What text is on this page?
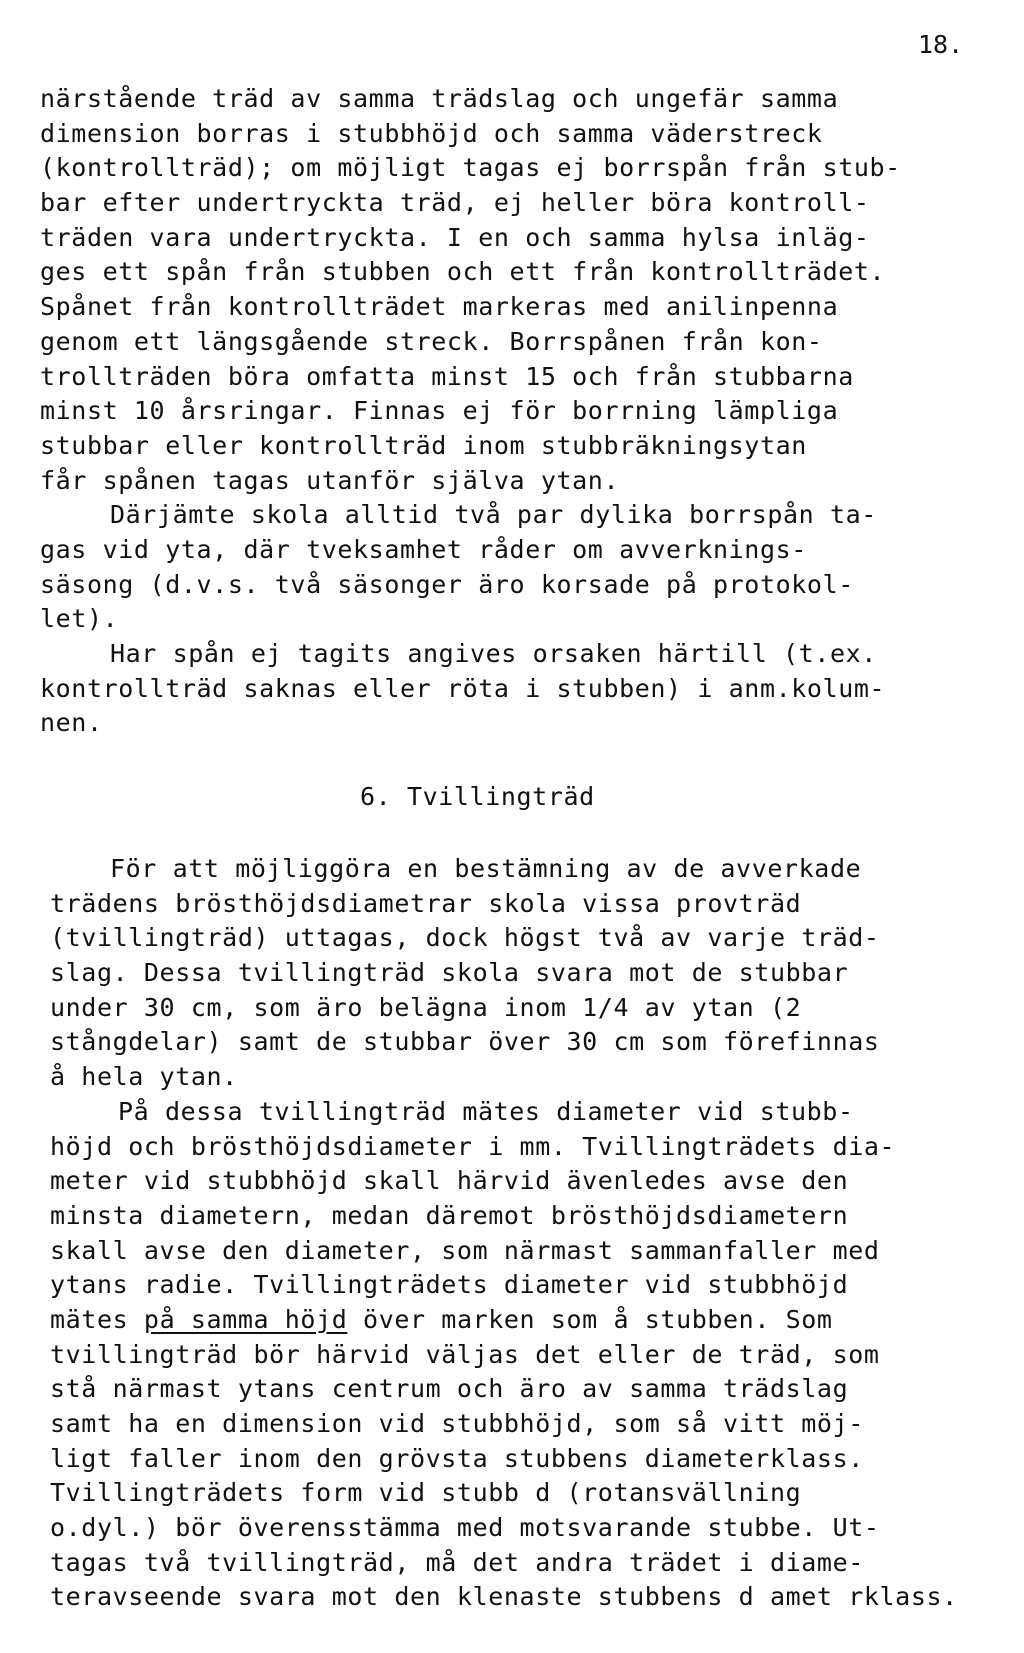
18.
närstående träd av samma trädslag och ungefär samma
dimension borras i stubbhöjd och samma väderstreck
(kontrollträd); om möjligt tagas ej borrspån från stub-
bar efter undertryckta träd, ej heller böra kontroll-
träden vara undertryckta. I en och samma hylsa inläg-
ges ett spån från stubben och ett från kontrollträdet.
Spånet från kontrollträdet markeras med anilinpenna
genom ett längsgående streck. Borrspånen från kon-
trollträden böra omfatta minst 15 och från stubbarna
minst 10 årsringar. Finnas ej för borrning lämpliga
stubbar eller kontrollträd inom stubbräkningsytan
får spånen tagas utanför själva ytan.
Därjämte skola alltid två par dylika borrspån ta-
gas vid yta, där tveksamhet råder om avverknings-
säsong (d.v.s. två säsonger äro korsade på protokol-
let).
Har spån ej tagits angives orsaken härtill (t.ex.
kontrollträd saknas eller röta i stubben) i anm.kolum-
nen.
6. Tvillingträd
För att möjliggöra en bestämning av de avverkade
trädens brösthöjdsdiametrar skola vissa provträd
(tvillingträd) uttagas, dock högst två av varje träd-
slag. Dessa tvillingträd skola svara mot de stubbar
under 30 cm, som äro belägna inom 1/4 av ytan (2
stångdelar) samt de stubbar över 30 cm som förefinnas
å hela ytan.
På dessa tvillingträd mätes diameter vid stubb-
höjd och brösthöjdsdiameter i mm. Tvillingträdets dia-
meter vid stubbhöjd skall härvid ävenledes avse den
minsta diametern, medan däremot brösthöjdsdiametern
skall avse den diameter, som närmast sammanfaller med
ytans radie. Tvillingträdets diameter vid stubbhöjd
mätes på samma höjd över marken som å stubben. Som
tvillingträd bör härvid väljas det eller de träd, som
stå närmast ytans centrum och äro av samma trädslag
samt ha en dimension vid stubbhöjd, som så vitt möj-
ligt faller inom den grövsta stubbens diameterklass.
Tvillingträdets form vid stubb d (rotansvällning
o.dyl.) bör överensstämma med motsvarande stubbe. Ut-
tagas två tvillingträd, må det andra trädet i diame-
teravseende svara mot den klenaste stubbens d amet rklass.
